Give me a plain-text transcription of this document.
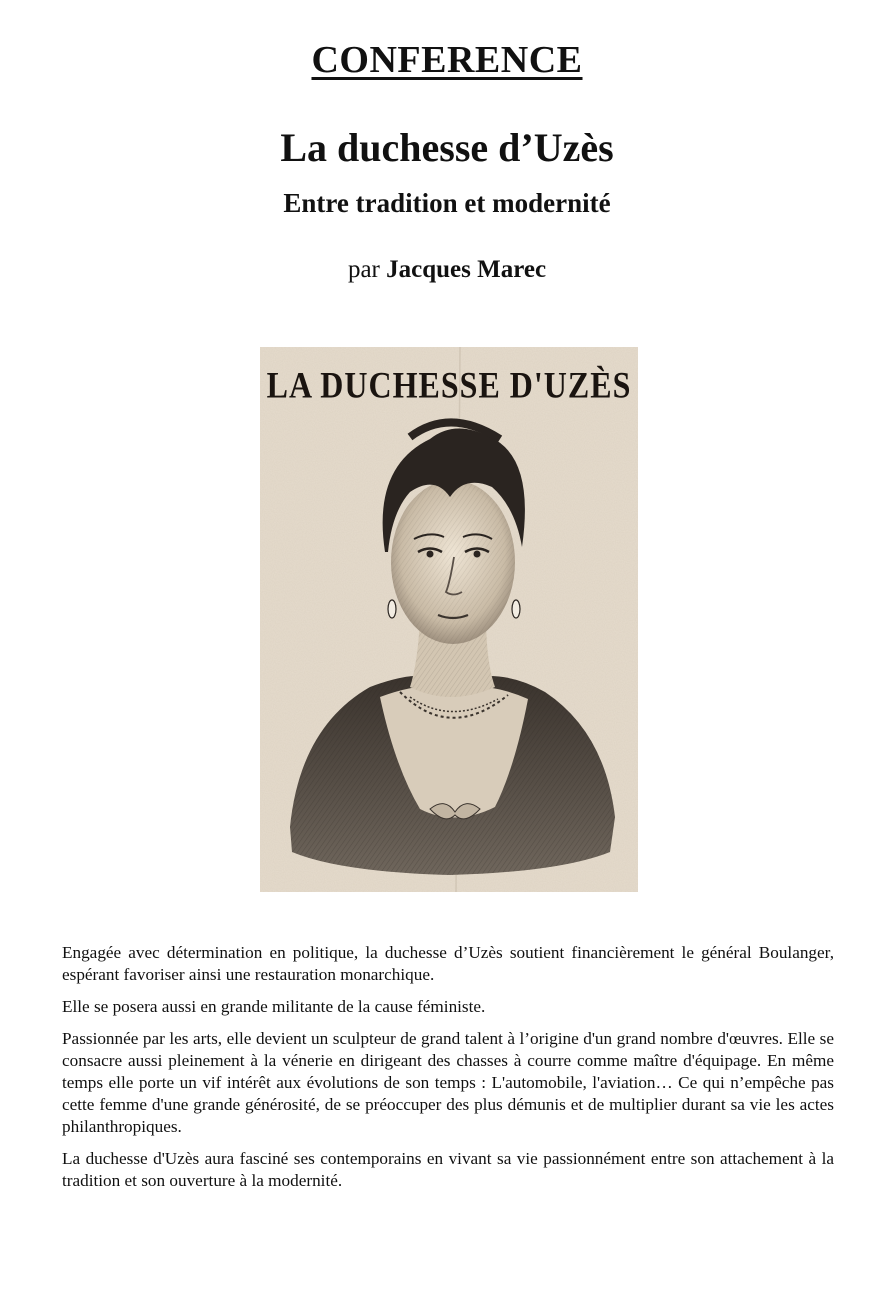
CONFERENCE
La duchesse d’Uzès
Entre tradition et modernité
par Jacques Marec
LA DUCHESSE D'UZÈS

Engagée avec détermination en politique, la duchesse d’Uzès soutient financièrement le général Boulanger, espérant favoriser ainsi une restauration monarchique.

Elle se posera aussi en grande militante de la cause féministe.

Passionnée par les arts, elle devient un sculpteur de grand talent à l’origine d'un grand nombre d'œuvres. Elle se consacre aussi pleinement à la vénerie en dirigeant des chasses à courre comme maître d'équipage. En même temps elle porte un vif intérêt aux évolutions de son temps : L'automobile, l'aviation… Ce qui n’empêche pas cette femme d'une grande générosité, de se préoccuper des plus démunis et de multiplier durant sa vie les actes philanthropiques.

La duchesse d'Uzès aura fasciné ses contemporains en vivant sa vie passionnément entre son attachement à la tradition et son ouverture à la modernité.
